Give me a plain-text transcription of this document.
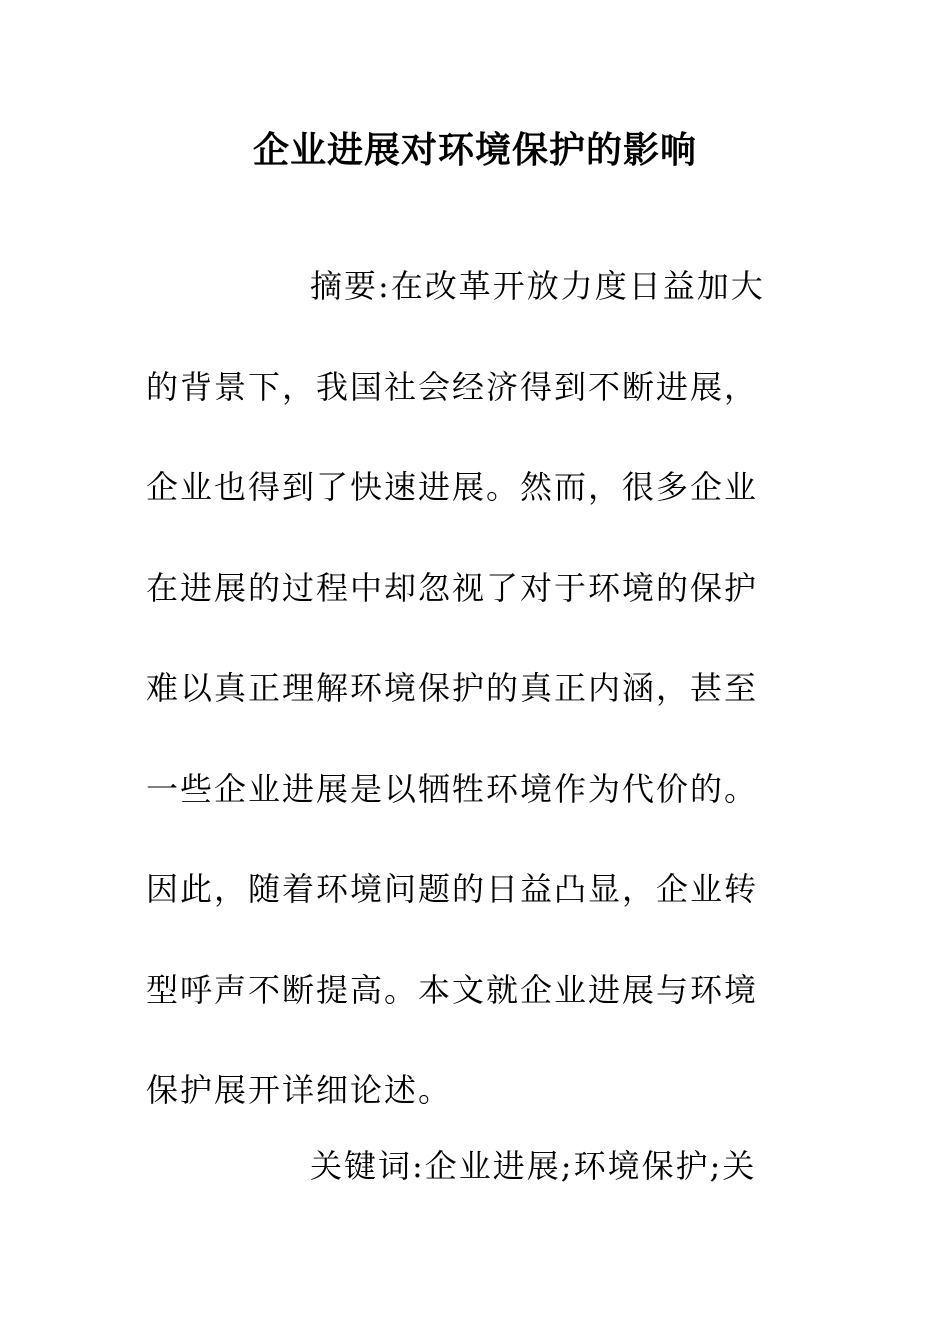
企业进展对环境保护的影响
摘要:在改革开放力度日益加大
的背景下，我国社会经济得到不断进展，
企业也得到了快速进展。然而，很多企业
在进展的过程中却忽视了对于环境的保护
难以真正理解环境保护的真正内涵，甚至
一些企业进展是以牺牲环境作为代价的。
因此，随着环境问题的日益凸显，企业转
型呼声不断提高。本文就企业进展与环境
保护展开详细论述。
关键词:企业进展;环境保护;关
